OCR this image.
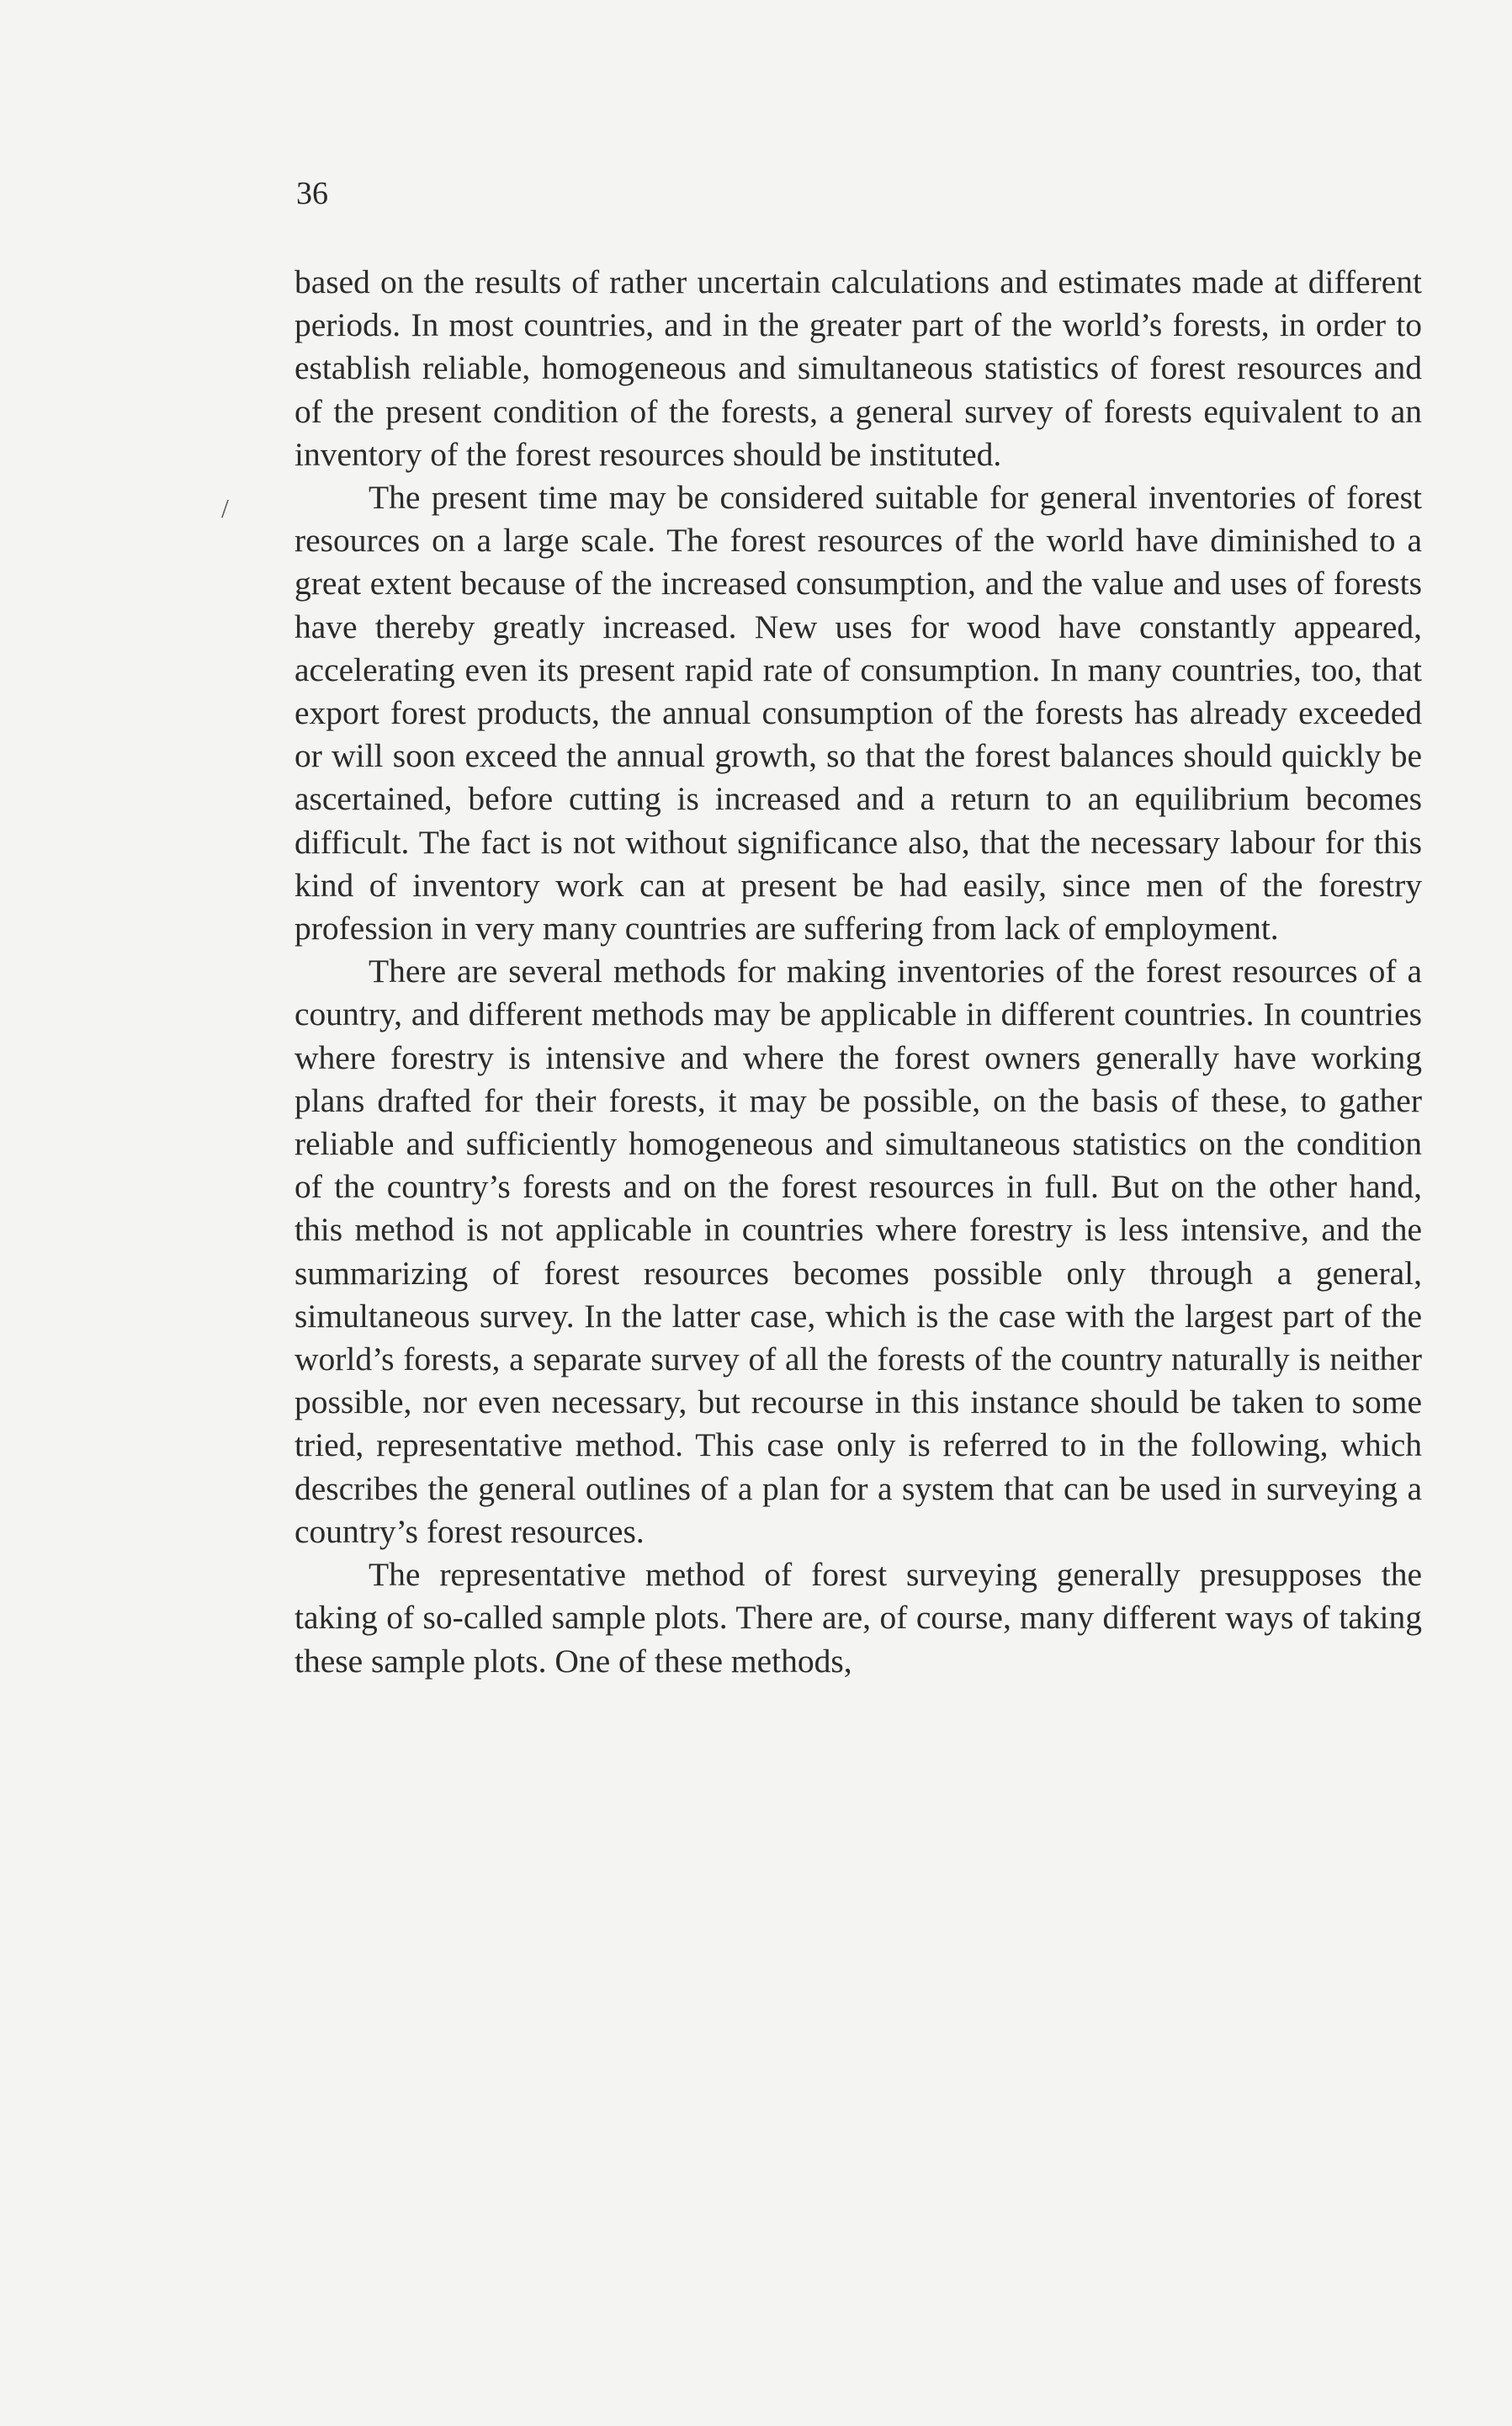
36
/

based on the results of rather uncertain calculations and estimates made at different periods. In most countries, and in the greater part of the world’s forests, in order to establish reliable, homogeneous and simultaneous statistics of forest resources and of the present condition of the forests, a general survey of forests equivalent to an inventory of the forest resources should be instituted.

The present time may be considered suitable for general inventories of forest resources on a large scale. The forest resources of the world have diminished to a great extent because of the increased consumption, and the value and uses of forests have thereby greatly increased. New uses for wood have constantly appeared, accelerating even its present rapid rate of consumption. In many countries, too, that export forest products, the annual consumption of the forests has already exceeded or will soon exceed the annual growth, so that the forest balances should quickly be ascertained, before cutting is increased and a return to an equilibrium becomes difficult. The fact is not without significance also, that the necessary labour for this kind of inventory work can at present be had easily, since men of the forestry profession in very many countries are suffering from lack of employment.

There are several methods for making inventories of the forest resources of a country, and different methods may be applicable in different countries. In countries where forestry is intensive and where the forest owners generally have working plans drafted for their forests, it may be possible, on the basis of these, to gather reliable and sufficiently homogeneous and simultaneous statistics on the condition of the country’s forests and on the forest resources in full. But on the other hand, this method is not applicable in countries where forestry is less intensive, and the summarizing of forest resources becomes possible only through a general, simultaneous survey. In the latter case, which is the case with the largest part of the world’s forests, a separate survey of all the forests of the country naturally is neither possible, nor even necessary, but recourse in this instance should be taken to some tried, representative method. This case only is referred to in the following, which describes the general outlines of a plan for a system that can be used in surveying a country’s forest resources.

The representative method of forest surveying generally presupposes the taking of so-called sample plots. There are, of course, many different ways of taking these sample plots. One of these methods,
